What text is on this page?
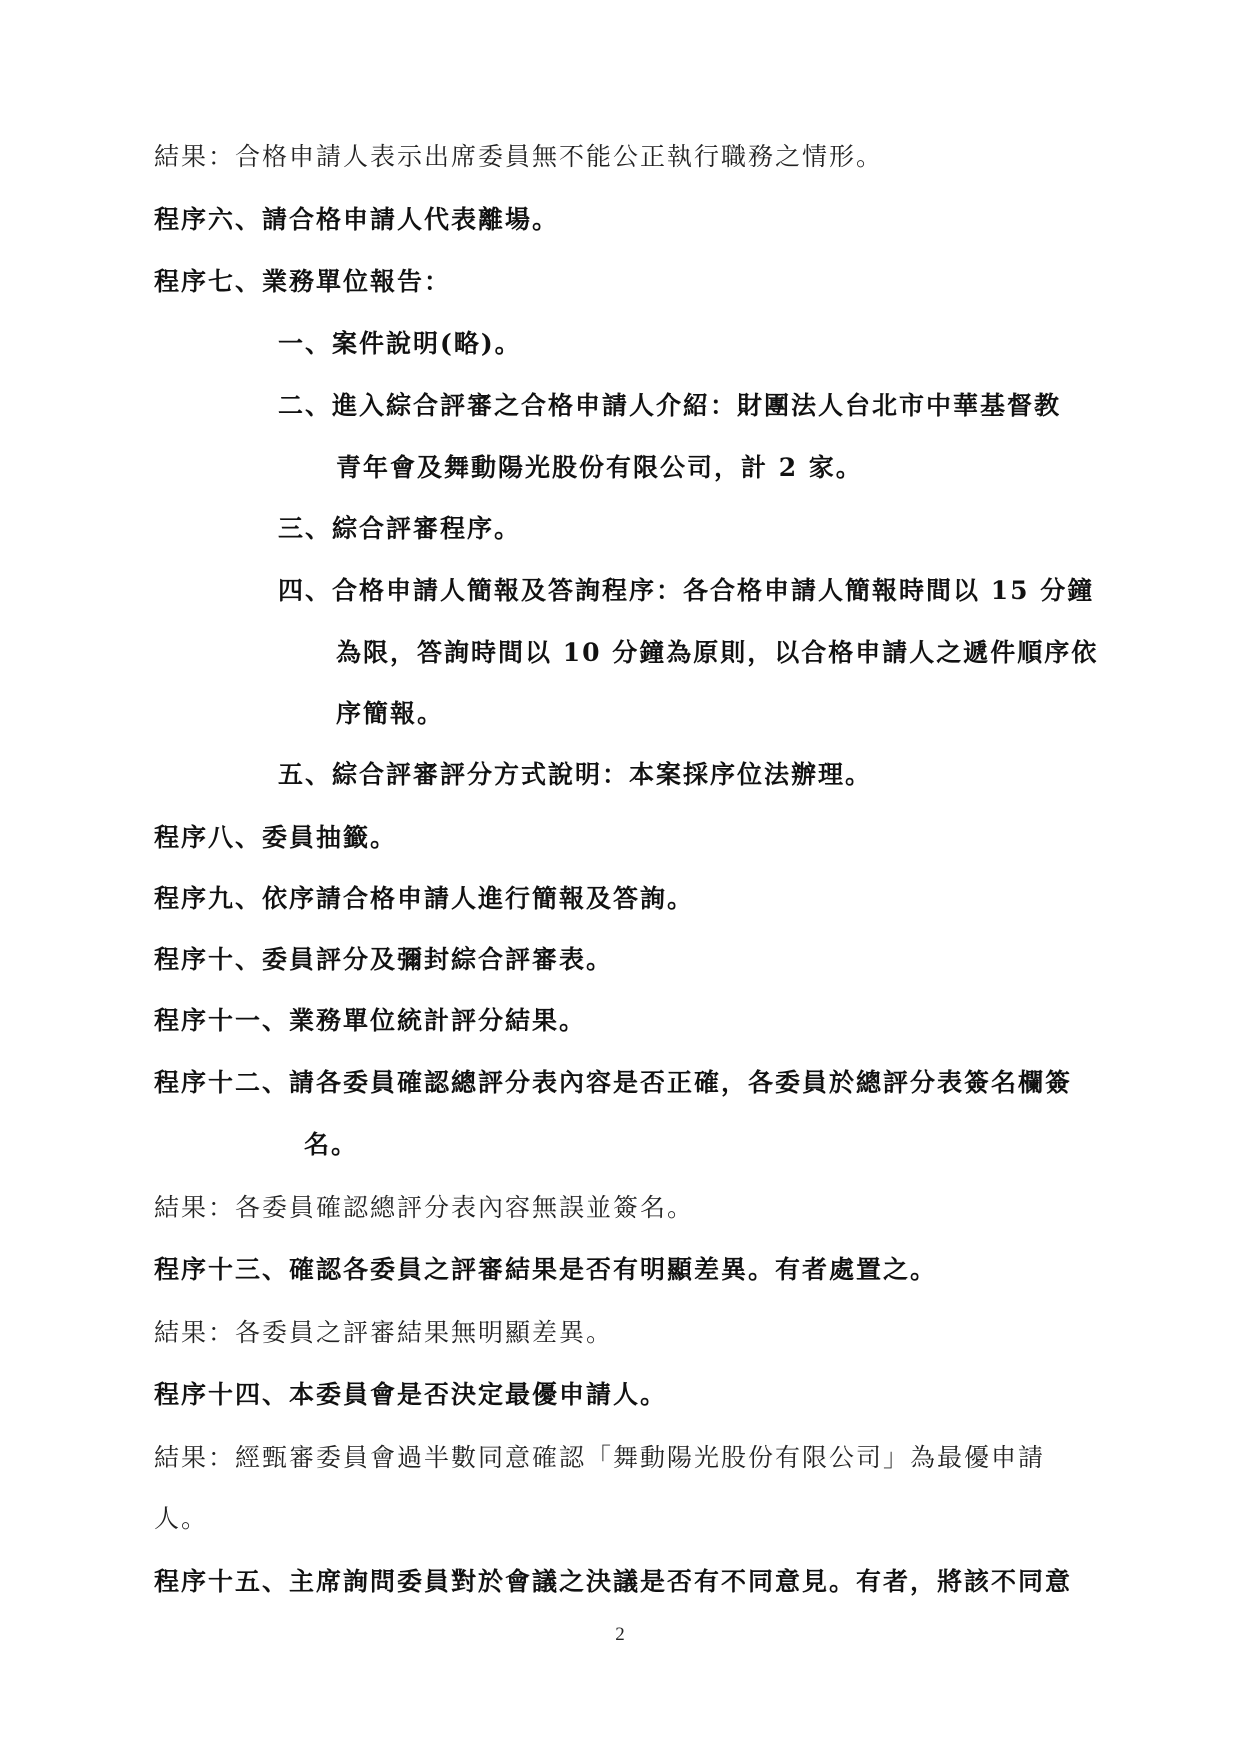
結果：合格申請人表示出席委員無不能公正執行職務之情形。
程序六、請合格申請人代表離場。
程序七、業務單位報告：
一、案件說明(略)。
二、進入綜合評審之合格申請人介紹：財團法人台北市中華基督教
青年會及舞動陽光股份有限公司，計 2 家。
三、綜合評審程序。
四、合格申請人簡報及答詢程序：各合格申請人簡報時間以 15 分鐘
為限，答詢時間以 10 分鐘為原則，以合格申請人之遞件順序依
序簡報。
五、綜合評審評分方式說明：本案採序位法辦理。
程序八、委員抽籤。
程序九、依序請合格申請人進行簡報及答詢。
程序十、委員評分及彌封綜合評審表。
程序十一、業務單位統計評分結果。
程序十二、請各委員確認總評分表內容是否正確，各委員於總評分表簽名欄簽
名。
結果：各委員確認總評分表內容無誤並簽名。
程序十三、確認各委員之評審結果是否有明顯差異。有者處置之。
結果：各委員之評審結果無明顯差異。
程序十四、本委員會是否決定最優申請人。
結果：經甄審委員會過半數同意確認「舞動陽光股份有限公司」為最優申請
人。
程序十五、主席詢問委員對於會議之決議是否有不同意見。有者，將該不同意
2
